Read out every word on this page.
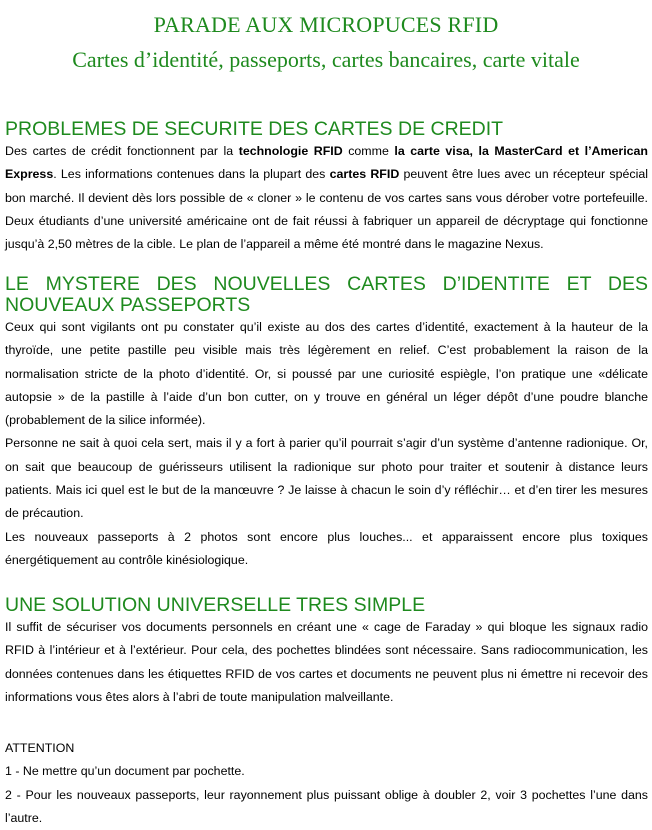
PARADE AUX MICROPUCES RFID
Cartes d’identité, passeports, cartes bancaires, carte vitale
PROBLEMES DE SECURITE DES CARTES DE CREDIT

Des cartes de crédit fonctionnent par la technologie RFID comme la carte visa, la MasterCard et l’American Express. Les informations contenues dans la plupart des cartes RFID peuvent être lues avec un récepteur spécial bon marché. Il devient dès lors possible de « cloner » le contenu de vos cartes sans vous dérober votre portefeuille. Deux étudiants d’une université américaine ont de fait réussi à fabriquer un appareil de décryptage qui fonctionne jusqu’à 2,50 mètres de la cible. Le plan de l’appareil a même été montré dans le magazine Nexus.

LE MYSTERE DES NOUVELLES CARTES D’IDENTITE ET DES NOUVEAUX PASSEPORTS

Ceux qui sont vigilants ont pu constater qu’il existe au dos des cartes d’identité, exactement à la hauteur de la thyroïde, une petite pastille peu visible mais très légèrement en relief. C’est probablement la raison de la normalisation stricte de la photo d’identité. Or, si poussé par une curiosité espiègle, l’on pratique une «délicate autopsie » de la pastille à l’aide d’un bon cutter, on y trouve en général un léger dépôt d’une poudre blanche (probablement de la silice informée).

Personne ne sait à quoi cela sert, mais il y a fort à parier qu’il pourrait s’agir d’un système d’antenne radionique. Or, on sait que beaucoup de guérisseurs utilisent la radionique sur photo pour traiter et soutenir à distance leurs patients. Mais ici quel est le but de la manœuvre ? Je laisse à chacun le soin d’y réfléchir… et d’en tirer les mesures de précaution.

Les nouveaux passeports à 2 photos sont encore plus louches... et apparaissent encore plus toxiques énergétiquement au contrôle kinésiologique.

UNE SOLUTION UNIVERSELLE TRES SIMPLE

Il suffit de sécuriser vos documents personnels en créant une « cage de Faraday » qui bloque les signaux radio RFID à l’intérieur et à l’extérieur. Pour cela, des pochettes blindées sont nécessaire. Sans radiocommunication, les données contenues dans les étiquettes RFID de vos cartes et documents ne peuvent plus ni émettre ni recevoir des informations vous êtes alors à l’abri de toute manipulation malveillante.

ATTENTION

1 - Ne mettre qu’un document par pochette.

2 - Pour les nouveaux passeports, leur rayonnement plus puissant oblige à doubler 2, voir 3 pochettes l’une dans l’autre.
